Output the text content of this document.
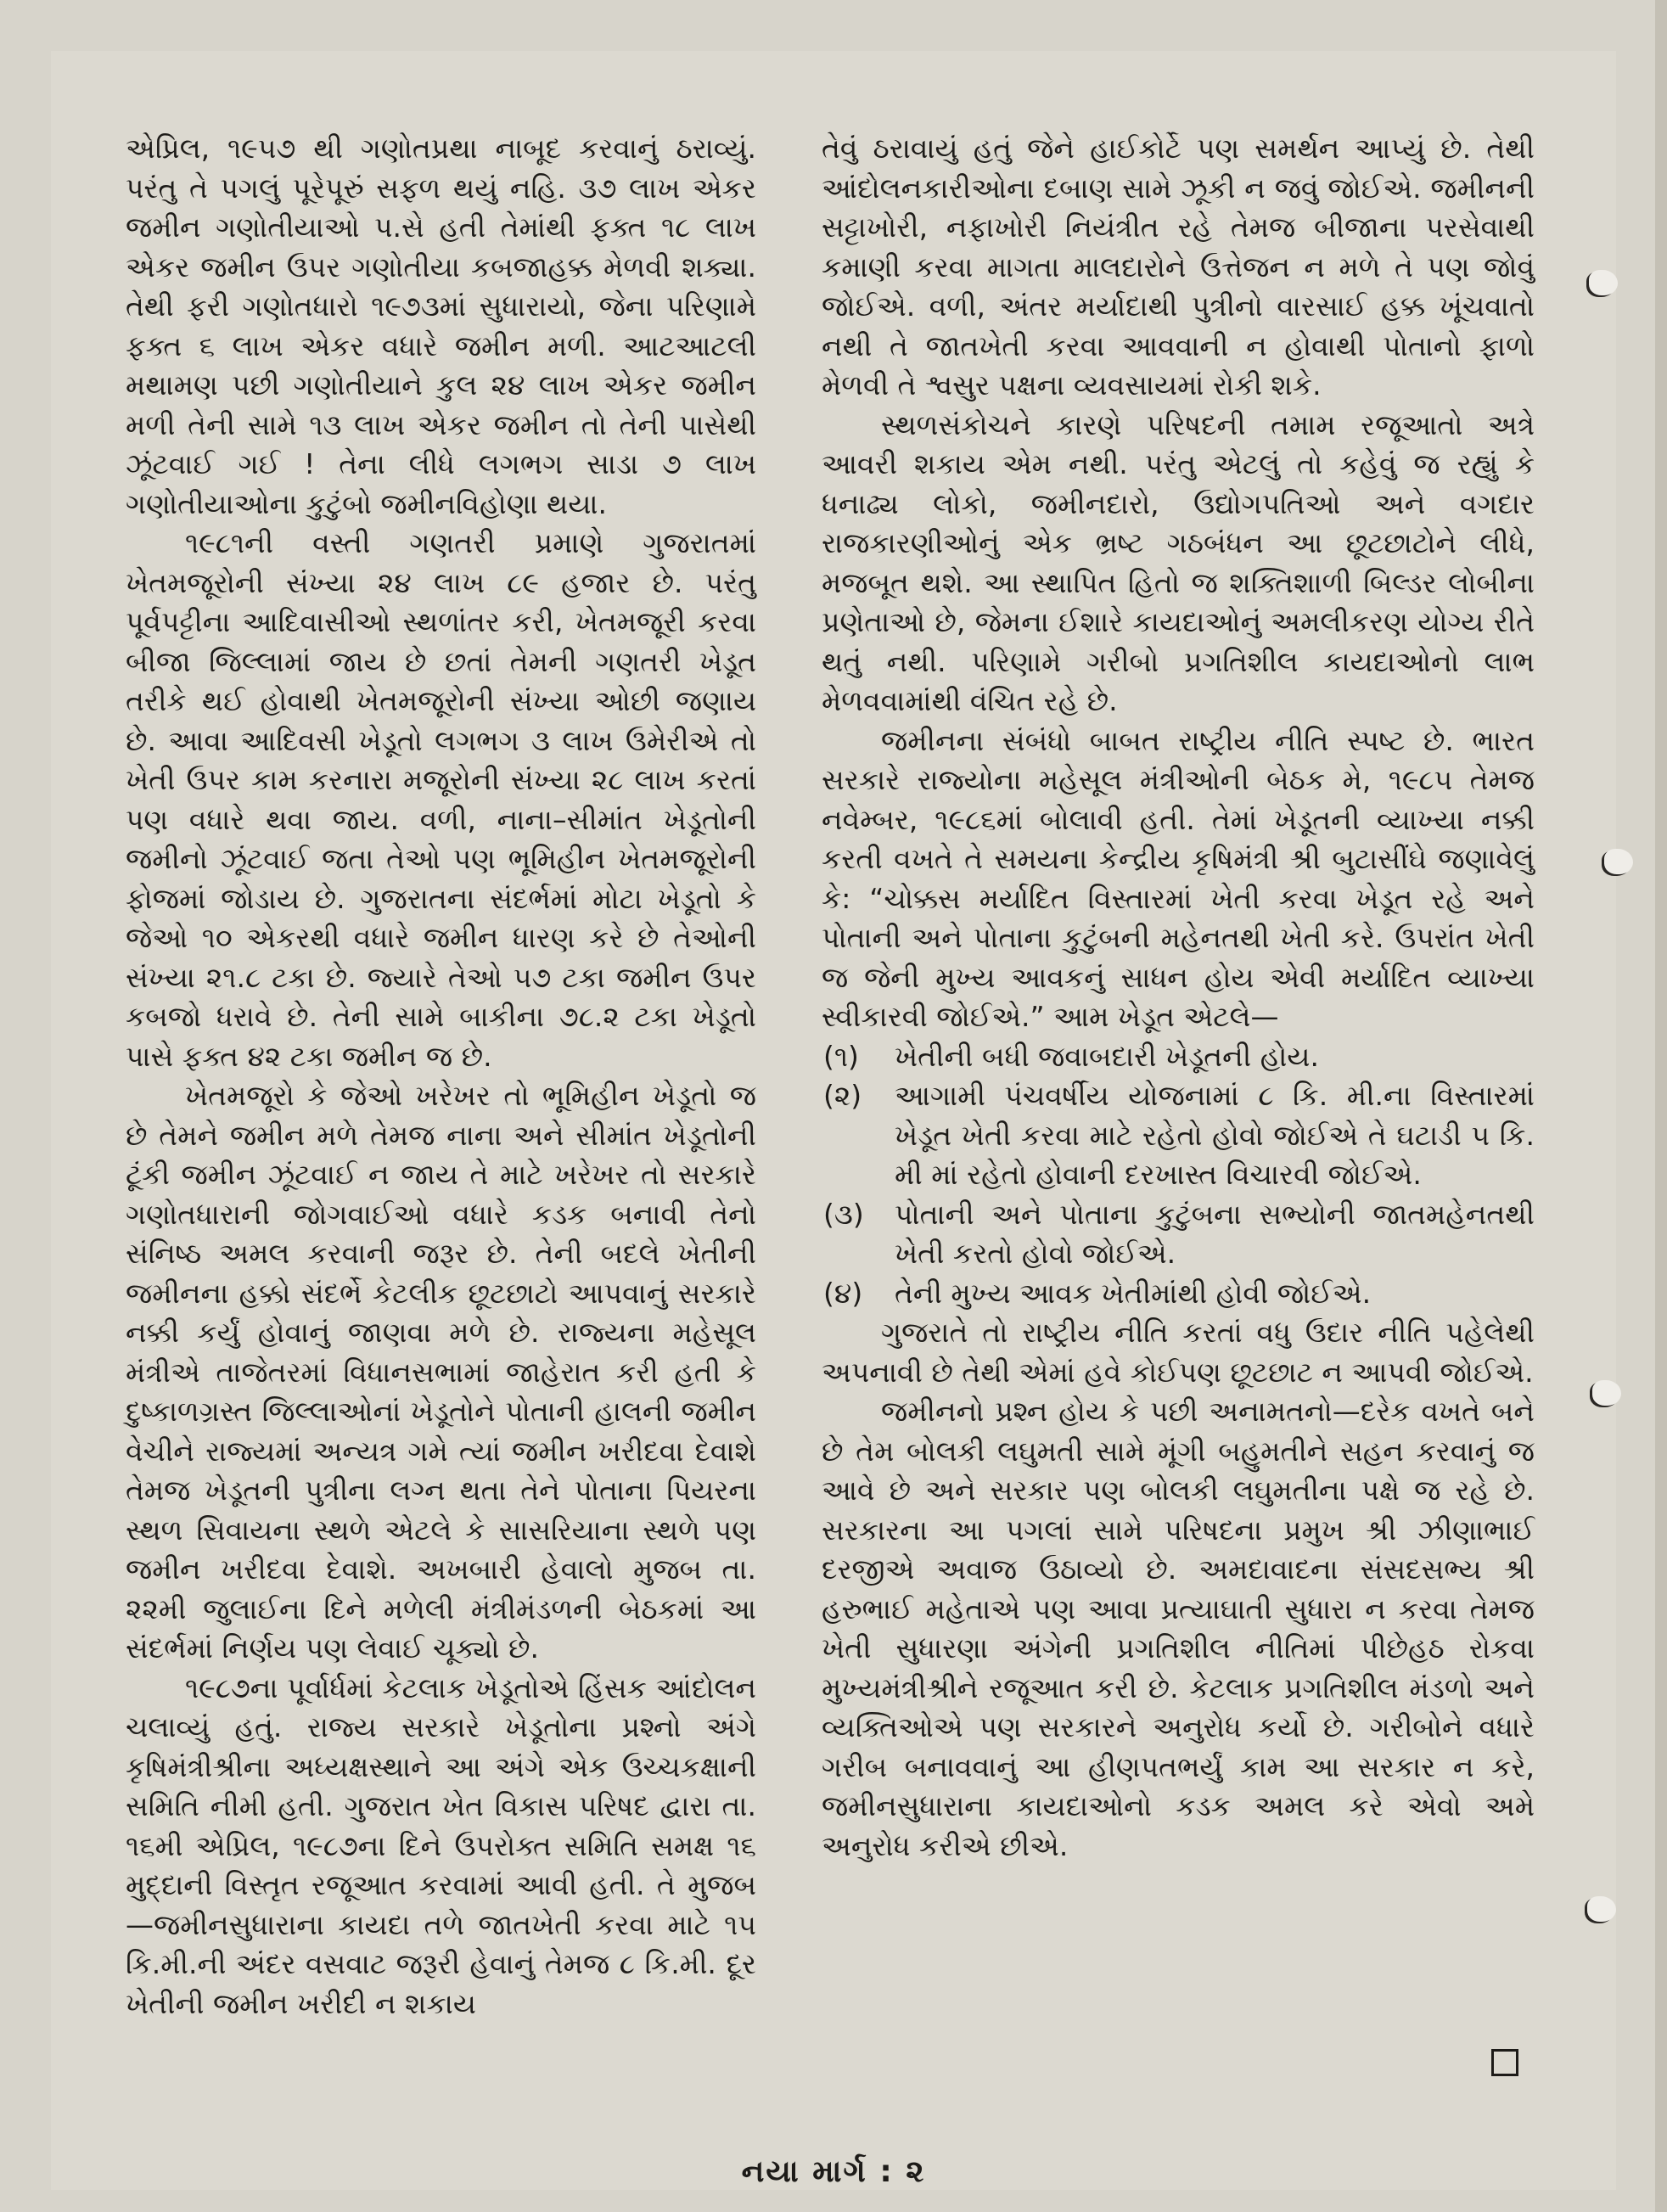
એપ્રિલ, ૧૯૫૭ થી ગણોતપ્રથા નાબૂદ કરવાનું ઠરાવ્યું. પરંતુ તે પગલું પૂરેપૂરું સફળ થયું નહિ. ૩૭ લાખ એકર જમીન ગણોતીયાઓ પ.સે હતી તેમાંથી ફક્ત ૧૮ લાખ એકર જમીન ઉપર ગણોતીયા કબજાહક્ક મેળવી શક્યા. તેથી ફરી ગણોતધારો ૧૯૭૩માં સુધારાયો, જેના પરિણામે ફક્ત ૬ લાખ એકર વધારે જમીન મળી. આટઆટલી મથામણ પછી ગણોતીયાને કુલ ૨૪ લાખ એકર જમીન મળી તેની સામે ૧૩ લાખ એકર જમીન તો તેની પાસેથી ઝૂંટવાઈ ગઈ ! તેના લીધે લગભગ સાડા ૭ લાખ ગણોતીયાઓના કુટુંબો જમીનવિહોણા થયા.

૧૯૮૧ની વસ્તી ગણતરી પ્રમાણે ગુજરાતમાં ખેતમજૂરોની સંખ્યા ૨૪ લાખ ૮૯ હજાર છે. પરંતુ પૂર્વપટ્ટીના આદિવાસીઓ સ્થળાંતર કરી, ખેતમજૂરી કરવા બીજા જિલ્લામાં જાય છે છતાં તેમની ગણતરી ખેડૂત તરીકે થઈ હોવાથી ખેતમજૂરોની સંખ્યા ઓછી જણાય છે. આવા આદિવસી ખેડૂતો લગભગ ૩ લાખ ઉમેરીએ તો ખેતી ઉપર કામ કરનારા મજૂરોની સંખ્યા ૨૮ લાખ કરતાં પણ વધારે થવા જાય. વળી, નાના–સીમાંત ખેડૂતોની જમીનો ઝૂંટવાઈ જતા તેઓ પણ ભૂમિહીન ખેતમજૂરોની ફોજમાં જોડાય છે. ગુજરાતના સંદર્ભમાં મોટા ખેડૂતો કે જેઓ ૧૦ એકરથી વધારે જમીન ધારણ કરે છે તેઓની સંખ્યા ૨૧.૮ ટકા છે. જ્યારે તેઓ ૫૭ ટકા જમીન ઉપર કબજો ધરાવે છે. તેની સામે બાકીના ૭૮.૨ ટકા ખેડૂતો પાસે ફક્ત ૪૨ ટકા જમીન જ છે.

ખેતમજૂરો કે જેઓ ખરેખર તો ભૂમિહીન ખેડૂતો જ છે તેમને જમીન મળે તેમજ નાના અને સીમાંત ખેડૂતોની ટૂંકી જમીન ઝૂંટવાઈ ન જાય તે માટે ખરેખર તો સરકારે ગણોતધારાની જોગવાઈઓ વધારે કડક બનાવી તેનો સંનિષ્ઠ અમલ કરવાની જરૂર છે. તેની બદલે ખેતીની જમીનના હક્કો સંદર્ભે કેટલીક છૂટછાટો આપવાનું સરકારે નક્કી કર્યું હોવાનું જાણવા મળે છે. રાજ્યના મહેસૂલ મંત્રીએ તાજેતરમાં વિધાનસભામાં જાહેરાત કરી હતી કે દુષ્કાળગ્રસ્ત જિલ્લાઓનાં ખેડૂતોને પોતાની હાલની જમીન વેચીને રાજ્યમાં અન્યત્ર ગમે ત્યાં જમીન ખરીદવા દેવાશે તેમજ ખેડૂતની પુત્રીના લગ્ન થતા તેને પોતાના પિયરના સ્થળ સિવાયના સ્થળે એટલે કે સાસરિયાના સ્થળે પણ જમીન ખરીદવા દેવાશે. અખબારી હેવાલો મુજબ તા. ૨૨મી જુલાઈના દિને મળેલી મંત્રીમંડળની બેઠકમાં આ સંદર્ભમાં નિર્ણય પણ લેવાઈ ચૂક્યો છે.

૧૯૮૭ના પૂર્વાર્ધમાં કેટલાક ખેડૂતોએ હિંસક આંદોલન ચલાવ્યું હતું. રાજ્ય સરકારે ખેડૂતોના પ્રશ્નો અંગે કૃષિમંત્રીશ્રીના અધ્યક્ષસ્થાને આ અંગે એક ઉચ્ચકક્ષાની સમિતિ નીમી હતી. ગુજરાત ખેત વિકાસ પરિષદ દ્વારા તા. ૧૬મી એપ્રિલ, ૧૯૮૭ના દિને ઉપરોક્ત સમિતિ સમક્ષ ૧૬ મુદ્દાની વિસ્તૃત રજૂઆત કરવામાં આવી હતી. તે મુજબ—જમીનસુધારાના કાયદા તળે જાતખેતી કરવા માટે ૧૫ કિ.મી.ની અંદર વસવાટ જરૂરી હેવાનું તેમજ ૮ કિ.મી. દૂર ખેતીની જમીન ખરીદી ન શકાય

તેવું ઠરાવાયું હતું જેને હાઈકોર્ટે પણ સમર્થન આપ્યું છે. તેથી આંદોલનકારીઓના દબાણ સામે ઝૂકી ન જવું જોઈએ. જમીનની સટ્ટાખોરી, નફાખોરી નિયંત્રીત રહે તેમજ બીજાના પરસેવાથી કમાણી કરવા માગતા માલદારોને ઉત્તેજન ન મળે તે પણ જોવું જોઈએ. વળી, અંતર મર્યાદાથી પુત્રીનો વારસાઈ હક્ક ખૂંચવાતો નથી તે જાતખેતી કરવા આવવાની ન હોવાથી પોતાનો ફાળો મેળવી તે શ્વસુર પક્ષના વ્યવસાયમાં રોકી શકે.

સ્થળસંકોચને કારણે પરિષદની તમામ રજૂઆતો અત્રે આવરી શકાય એમ નથી. પરંતુ એટલું તો કહેવું જ રહ્યું કે ધનાઢ્ય લોકો, જમીનદારો, ઉદ્યોગપતિઓ અને વગદાર રાજકારણીઓનું એક ભ્રષ્ટ ગઠબંધન આ છૂટછાટોને લીધે, મજબૂત થશે. આ સ્થાપિત હિતો જ શક્તિશાળી બિલ્ડર લોબીના પ્રણેતાઓ છે, જેમના ઈશારે કાયદાઓનું અમલીકરણ યોગ્ય રીતે થતું નથી. પરિણામે ગરીબો પ્રગતિશીલ કાયદાઓનો લાભ મેળવવામાંથી વંચિત રહે છે.

જમીનના સંબંધો બાબત રાષ્ટ્રીય નીતિ સ્પષ્ટ છે. ભારત સરકારે રાજ્યોના મહેસૂલ મંત્રીઓની બેઠક મે, ૧૯૮૫ તેમજ નવેમ્બર, ૧૯૮૬માં બોલાવી હતી. તેમાં ખેડૂતની વ્યાખ્યા નક્કી કરતી વખતે તે સમયના કેન્દ્રીય કૃષિમંત્રી શ્રી બુટાસીંઘે જણાવેલું કે: “ચોક્કસ મર્યાદિત વિસ્તારમાં ખેતી કરવા ખેડૂત રહે અને પોતાની અને પોતાના કુટુંબની મહેનતથી ખેતી કરે. ઉપરાંત ખેતી જ જેની મુખ્ય આવકનું સાધન હોય એવી મર્યાદિત વ્યાખ્યા સ્વીકારવી જોઈએ.” આમ ખેડૂત એટલે—

(૧)	ખેતીની બધી જવાબદારી ખેડૂતની હોય.
(૨)	આગામી પંચવર્ષીય યોજનામાં ૮ કિ. મી.ના વિસ્તારમાં ખેડૂત ખેતી કરવા માટે રહેતો હોવો જોઈએ તે ઘટાડી ૫ કિ. મી માં રહેતો હોવાની દરખાસ્ત વિચારવી જોઈએ.
(૩)	પોતાની અને પોતાના કુટુંબના સભ્યોની જાતમહેનતથી ખેતી કરતો હોવો જોઈએ.
(૪)	તેની મુખ્ય આવક ખેતીમાંથી હોવી જોઈએ.

ગુજરાતે તો રાષ્ટ્રીય નીતિ કરતાં વધુ ઉદાર નીતિ પહેલેથી અપનાવી છે તેથી એમાં હવે કોઈપણ છૂટછાટ ન આપવી જોઈએ.

જમીનનો પ્રશ્ન હોય કે પછી અનામતનો—દરેક વખતે બને છે તેમ બોલકી લઘુમતી સામે મૂંગી બહુમતીને સહન કરવાનું જ આવે છે અને સરકાર પણ બોલકી લઘુમતીના પક્ષે જ રહે છે. સરકારના આ પગલાં સામે પરિષદના પ્રમુખ શ્રી ઝીણાભાઈ દરજીએ અવાજ ઉઠાવ્યો છે. અમદાવાદના સંસદસભ્ય શ્રી હરુભાઈ મહેતાએ પણ આવા પ્રત્યાઘાતી સુધારા ન કરવા તેમજ ખેતી સુધારણા અંગેની પ્રગતિશીલ નીતિમાં પીછેહઠ રોકવા મુખ્યમંત્રીશ્રીને રજૂઆત કરી છે. કેટલાક પ્રગતિશીલ મંડળો અને વ્યક્તિઓએ પણ સરકારને અનુરોધ કર્યો છે. ગરીબોને વધારે ગરીબ બનાવવાનું આ હીણપતભર્યું કામ આ સરકાર ન કરે, જમીનસુધારાના કાયદાઓનો કડક અમલ કરે એવો અમે અનુરોધ કરીએ છીએ.

નયા માર્ગ : ૨
